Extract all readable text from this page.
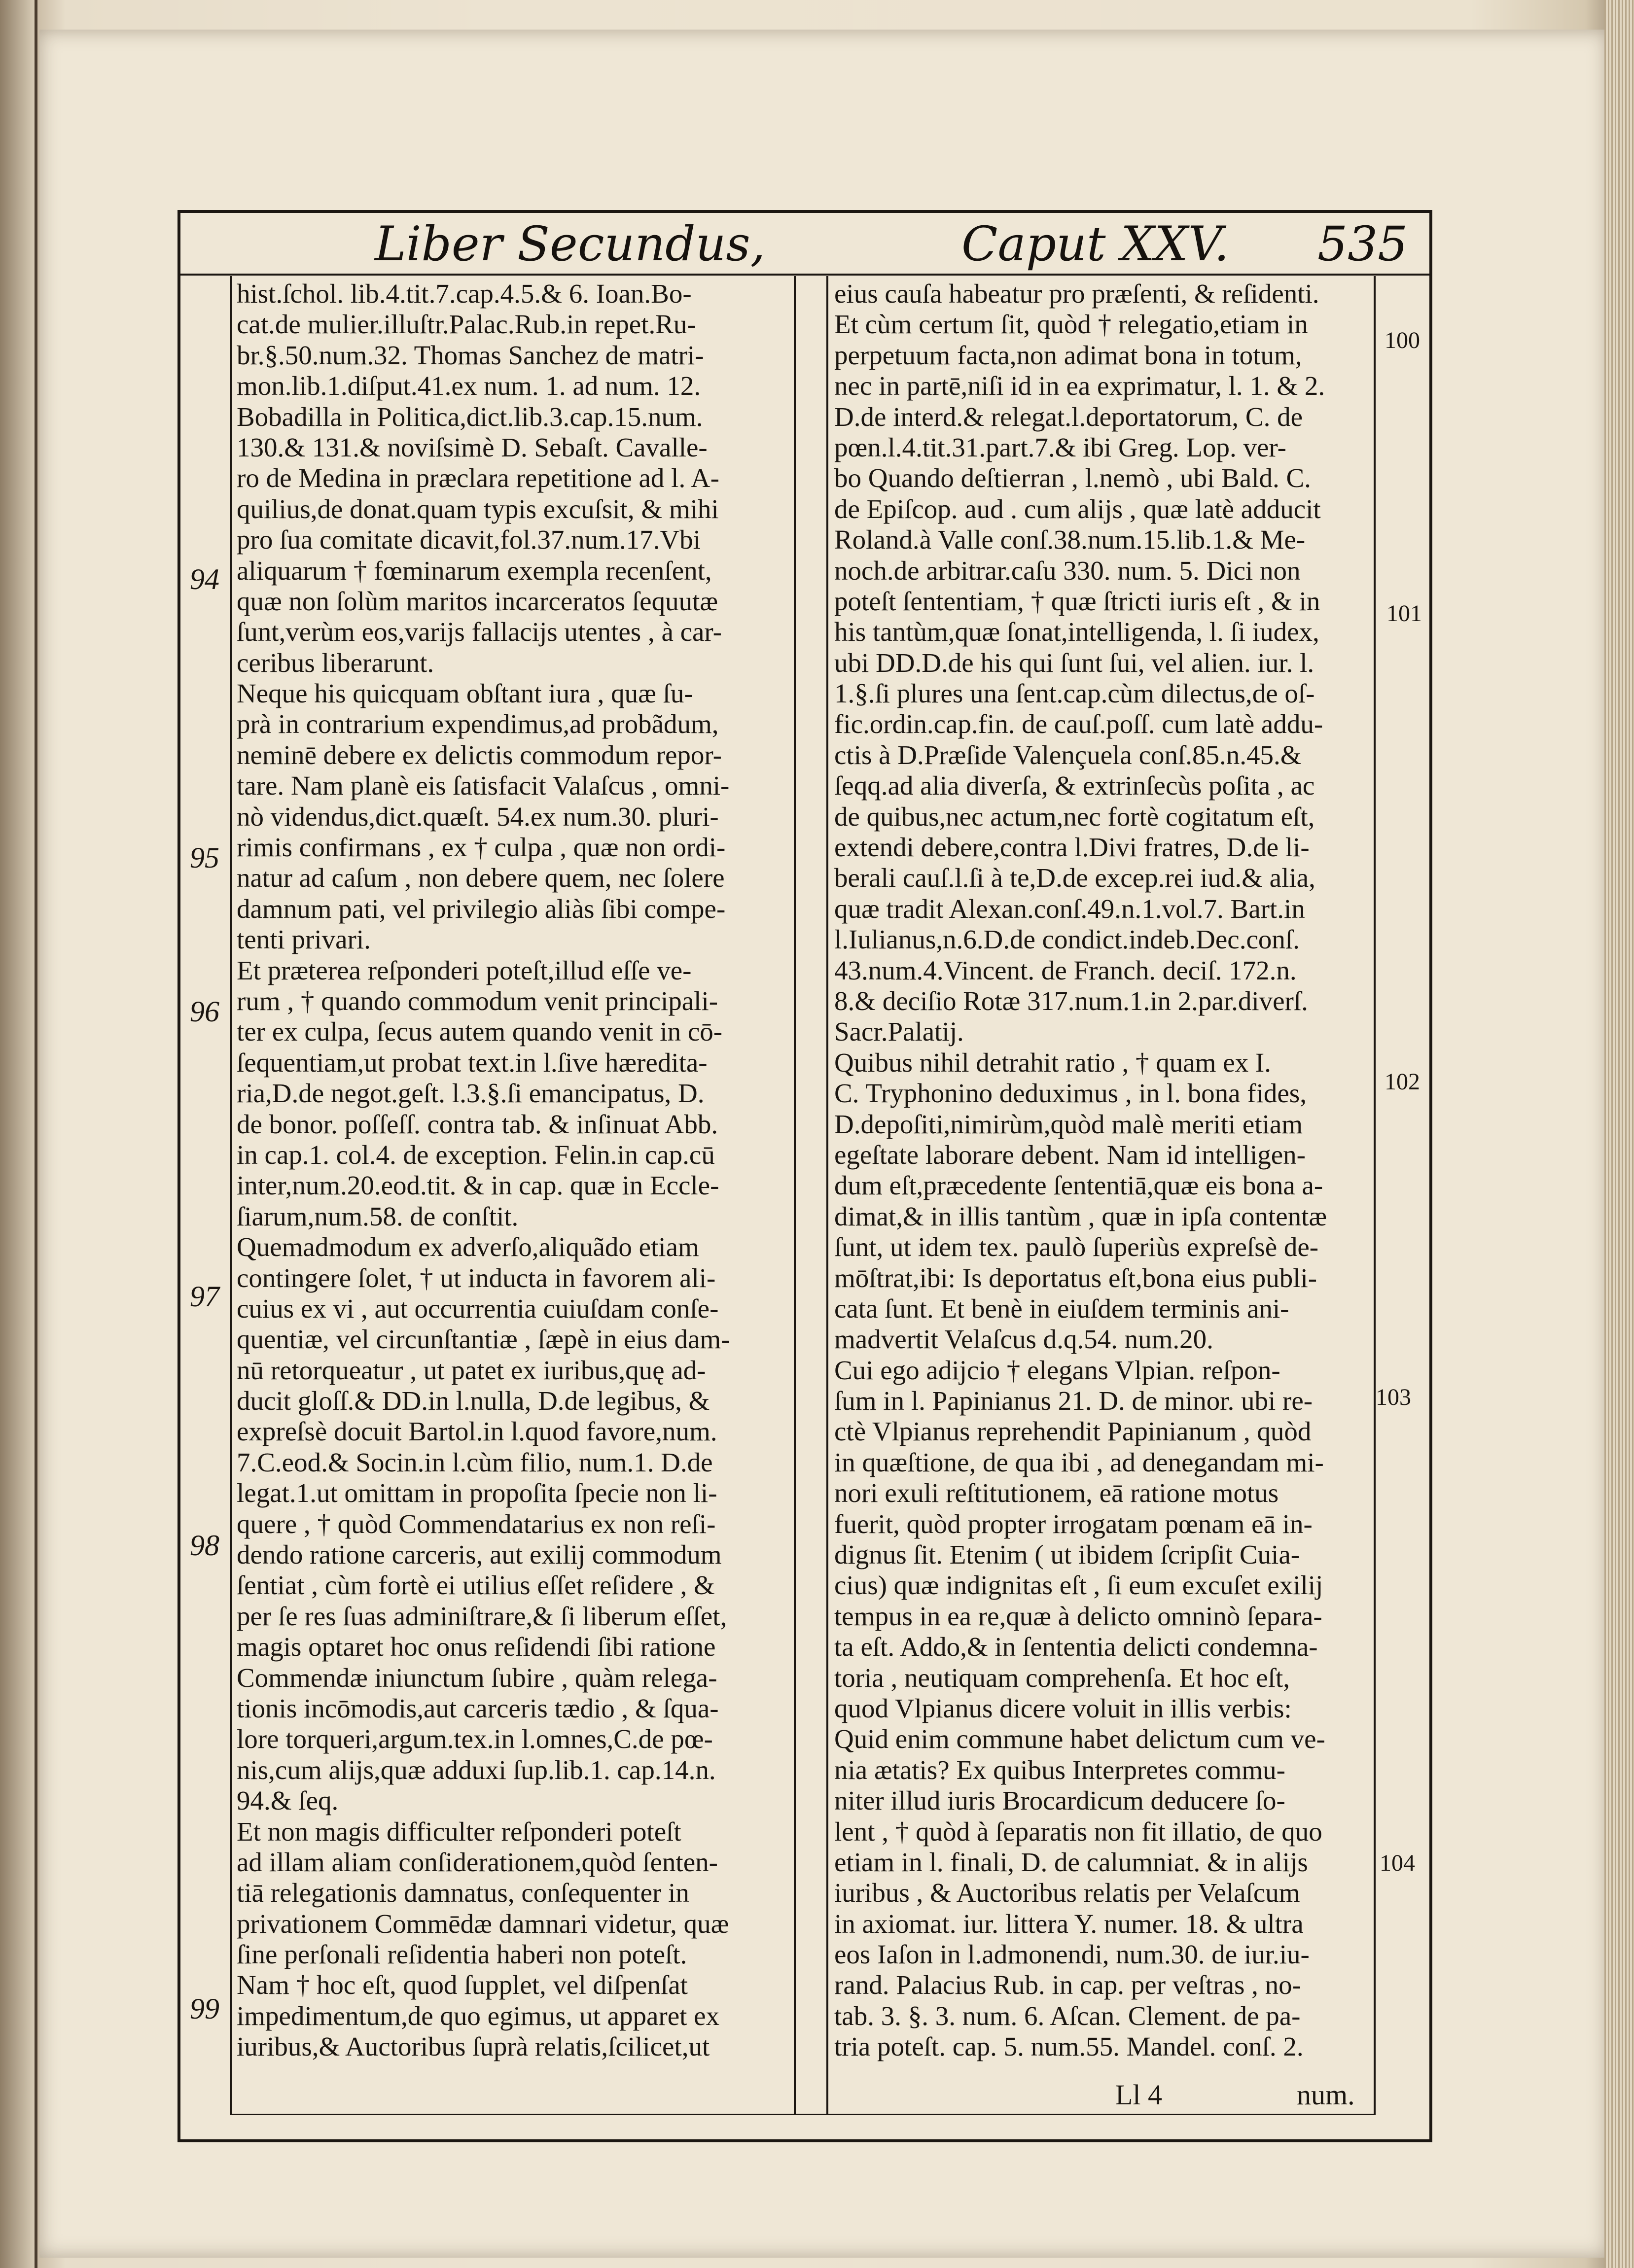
Liber Secundus,	Caput XXV. 535
hist.ſchol. lib.4.tit.7.cap.4.5.& 6. Ioan.Bo-
cat.de mulier.illuſtr.Palac.Rub.in repet.Ru-
br.§.50.num.32. Thomas Sanchez de matri-
mon.lib.1.diſput.41.ex num. 1. ad num. 12.
Bobadilla in Politica,dict.lib.3.cap.15.num.
130.& 131.& noviſsimè D. Sebaſt. Cavalle-
ro de Medina in præclara repetitione ad l. A-
quilius,de donat.quam typis excuſsit, & mihi
pro ſua comitate dicavit,fol.37.num.17.Vbi
aliquarum † fœminarum exempla recenſent,
quæ non ſolùm maritos incarceratos ſequutæ
ſunt,verùm eos,varijs fallacijs utentes , à car-
ceribus liberarunt.
Neque his quicquam obſtant iura , quæ ſu-
prà in contrarium expendimus,ad probãdum,
neminē debere ex delictis commodum repor-
tare. Nam planè eis ſatisfacit Valaſcus , omni-
nò videndus,dict.quæſt. 54.ex num.30. pluri-
rimis confirmans , ex † culpa , quæ non ordi-
natur ad caſum , non debere quem, nec ſolere
damnum pati, vel privilegio aliàs ſibi compe-
tenti privari.
Et præterea reſponderi poteſt,illud eſſe ve-
rum , † quando commodum venit principali-
ter ex culpa, ſecus autem quando venit in cō-
ſequentiam,ut probat text.in l.ſive hæredita-
ria,D.de negot.geſt. l.3.§.ſi emancipatus, D.
de bonor. poſſeſſ. contra tab. & inſinuat Abb.
in cap.1. col.4. de exception. Felin.in cap.cū
inter,num.20.eod.tit. & in cap. quæ in Eccle-
ſiarum,num.58. de conſtit.
Quemadmodum ex adverſo,aliquãdo etiam
contingere ſolet, † ut inducta in favorem ali-
cuius ex vi , aut occurrentia cuiuſdam conſe-
quentiæ, vel circunſtantiæ , ſæpè in eius dam-
nū retorqueatur , ut patet ex iuribus,quę ad-
ducit gloſſ.& DD.in l.nulla, D.de legibus, &
expreſsè docuit Bartol.in l.quod favore,num.
7.C.eod.& Socin.in l.cùm filio, num.1. D.de
legat.1.ut omittam in propoſita ſpecie non li-
quere , † quòd Commendatarius ex non reſi-
dendo ratione carceris, aut exilij commodum
ſentiat , cùm fortè ei utilius eſſet reſidere , &
per ſe res ſuas adminiſtrare,& ſi liberum eſſet,
magis optaret hoc onus reſidendi ſibi ratione
Commendæ iniunctum ſubire , quàm relega-
tionis incōmodis,aut carceris tædio , & ſqua-
lore torqueri,argum.tex.in l.omnes,C.de pœ-
nis,cum alijs,quæ adduxi ſup.lib.1. cap.14.n.
94.& ſeq.
Et non magis difficulter reſponderi poteſt
ad illam aliam conſiderationem,quòd ſenten-
tiā relegationis damnatus, conſequenter in
privationem Commēdæ damnari videtur, quæ
ſine perſonali reſidentia haberi non poteſt.
Nam † hoc eſt, quod ſupplet, vel diſpenſat
impedimentum,de quo egimus, ut apparet ex
iuribus,& Auctoribus ſuprà relatis,ſcilicet,ut
eius cauſa habeatur pro præſenti, & reſidenti.
Et cùm certum ſit, quòd † relegatio,etiam in
perpetuum facta,non adimat bona in totum,
nec in partē,niſi id in ea exprimatur, l. 1. & 2.
D.de interd.& relegat.l.deportatorum, C. de
pœn.l.4.tit.31.part.7.& ibi Greg. Lop. ver-
bo Quando deſtierran , l.nemò , ubi Bald. C.
de Epiſcop. aud . cum alijs , quæ latè adducit
Roland.à Valle conſ.38.num.15.lib.1.& Me-
noch.de arbitrar.caſu 330. num. 5. Dici non
poteſt ſententiam, † quæ ſtricti iuris eſt , & in
his tantùm,quæ ſonat,intelligenda, l. ſi iudex,
ubi DD.D.de his qui ſunt ſui, vel alien. iur. l.
1.§.ſi plures una ſent.cap.cùm dilectus,de oſ-
fic.ordin.cap.fin. de cauſ.poſſ. cum latè addu-
ctis à D.Præſide Valençuela conſ.85.n.45.&
ſeqq.ad alia diverſa, & extrinſecùs poſita , ac
de quibus,nec actum,nec fortè cogitatum eſt,
extendi debere,contra l.Divi fratres, D.de li-
berali cauſ.l.ſi à te,D.de excep.rei iud.& alia,
quæ tradit Alexan.conſ.49.n.1.vol.7. Bart.in
l.Iulianus,n.6.D.de condict.indeb.Dec.conſ.
43.num.4.Vincent. de Franch. deciſ. 172.n.
8.& deciſio Rotæ 317.num.1.in 2.par.diverſ.
Sacr.Palatij.
Quibus nihil detrahit ratio , † quam ex I.
C. Tryphonino deduximus , in l. bona fides,
D.depoſiti,nimirùm,quòd malè meriti etiam
egeſtate laborare debent. Nam id intelligen-
dum eſt,præcedente ſententiā,quæ eis bona a-
dimat,& in illis tantùm , quæ in ipſa contentæ
ſunt, ut idem tex. paulò ſuperiùs expreſsè de-
mōſtrat,ibi: Is deportatus eſt,bona eius publi-
cata ſunt. Et benè in eiuſdem terminis ani-
madvertit Velaſcus d.q.54. num.20.
Cui ego adijcio † elegans Vlpian. reſpon-
ſum in l. Papinianus 21. D. de minor. ubi re-
ctè Vlpianus reprehendit Papinianum , quòd
in quæſtione, de qua ibi , ad denegandam mi-
nori exuli reſtitutionem, eā ratione motus
fuerit, quòd propter irrogatam pœnam eā in-
dignus ſit. Etenim ( ut ibidem ſcripſit Cuia-
cius) quæ indignitas eſt , ſi eum excuſet exilij
tempus in ea re,quæ à delicto omninò ſepara-
ta eſt. Addo,& in ſententia delicti condemna-
toria , neutiquam comprehenſa. Et hoc eſt,
quod Vlpianus dicere voluit in illis verbis:
Quid enim commune habet delictum cum ve-
nia ætatis? Ex quibus Interpretes commu-
niter illud iuris Brocardicum deducere ſo-
lent , † quòd à ſeparatis non fit illatio, de quo
etiam in l. finali, D. de calumniat. & in alijs
iuribus , & Auctoribus relatis per Velaſcum
in axiomat. iur. littera Y. numer. 18. & ultra
eos Iaſon in l.admonendi, num.30. de iur.iu-
rand. Palacius Rub. in cap. per veſtras , no-
tab. 3. §. 3. num. 6. Aſcan. Clement. de pa-
tria poteſt. cap. 5. num.55. Mandel. conſ. 2.
94
95
96
97
98
99
100
101
102
103
104
Ll 4	num.
